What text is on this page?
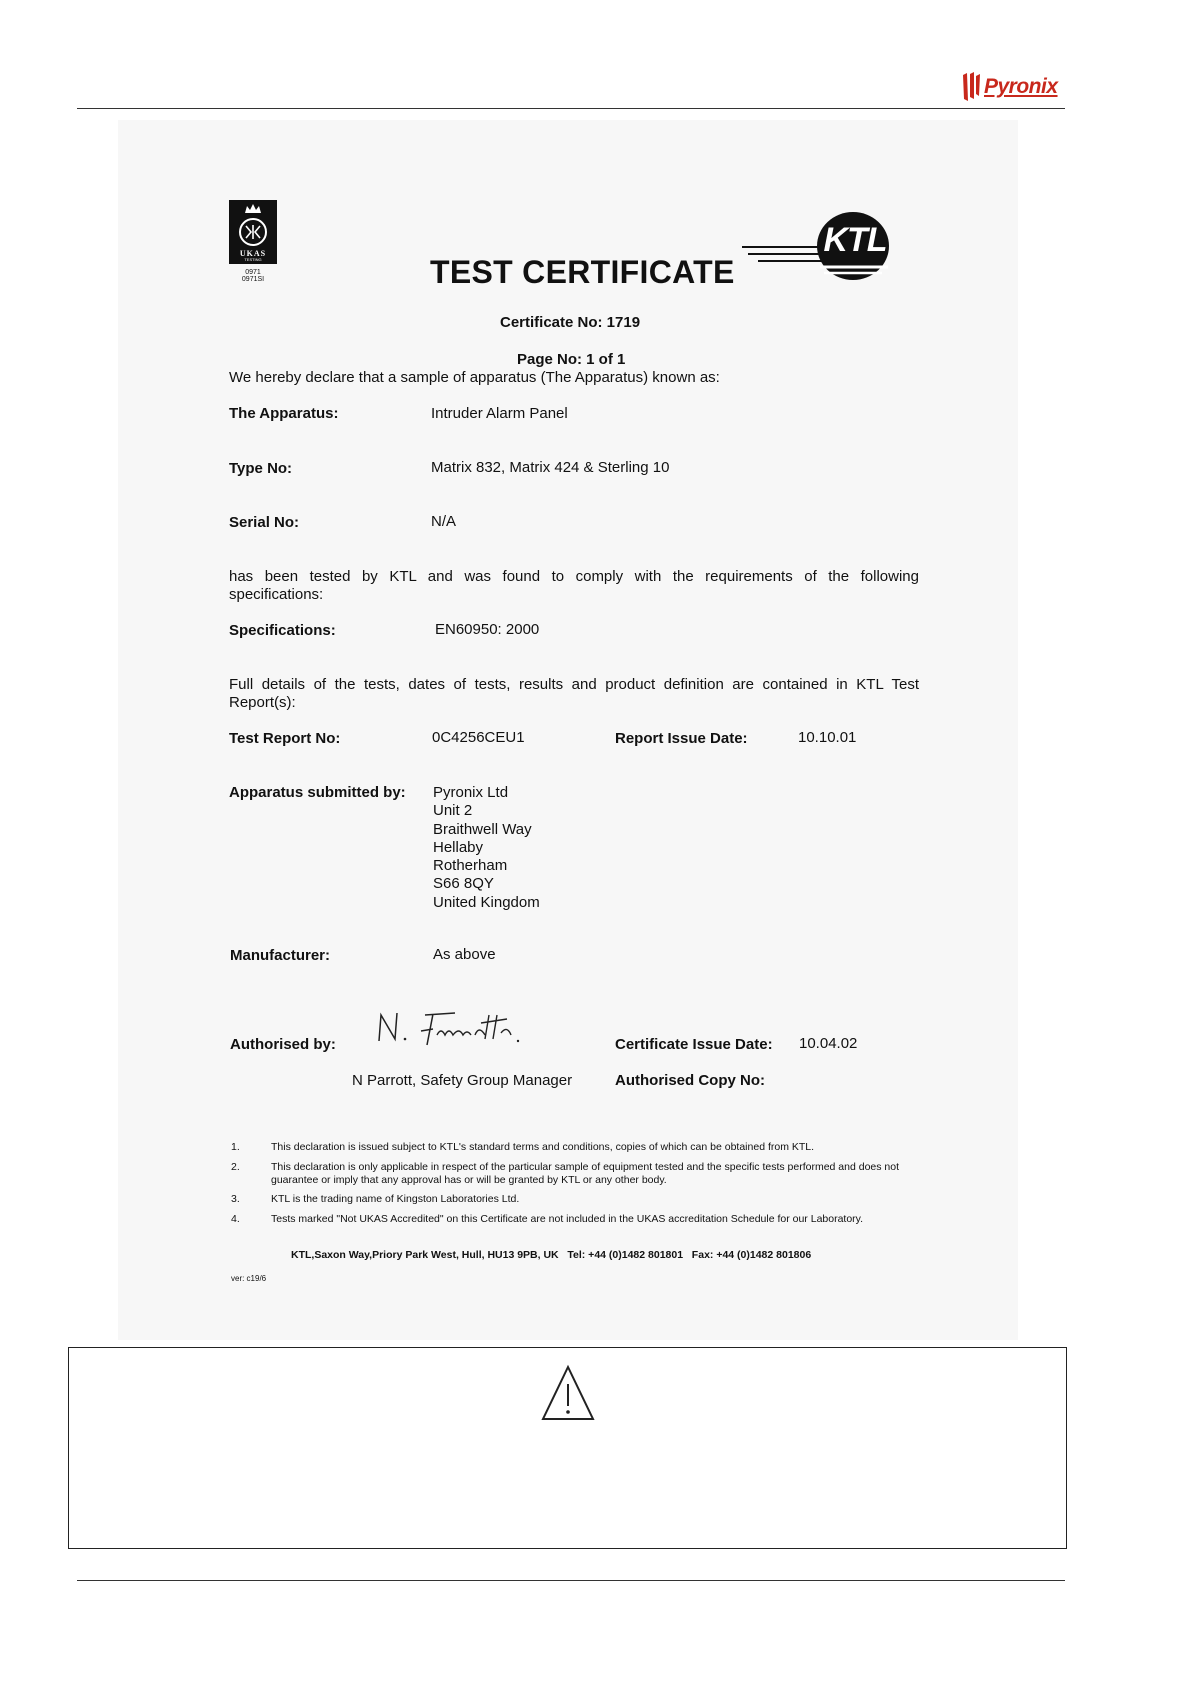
Pyronix
UKAS
TESTING
0971
0971SI	TEST CERTIFICATE
KTL
Certificate No: 1719
Page No: 1 of 1
We hereby declare that a sample of apparatus (The Apparatus) known as:
The Apparatus:	Intruder Alarm Panel
Type No:	Matrix 832, Matrix 424 & Sterling 10
Serial No:	N/A
has been tested by KTL and was found to comply with the requirements of the following
specifications:
Specifications:	EN60950: 2000
Full details of the tests, dates of tests, results and product definition are contained in KTL Test
Report(s):
Test Report No:	0C4256CEU1	Report Issue Date:	10.10.01
Apparatus submitted by: Pyronix Ltd
Unit 2
Braithwell Way
Hellaby
Rotherham
S66 8QY
United Kingdom
Manufacturer:	As above
Authorised by:	Certificate Issue Date: 10.04.02
N Parrott, Safety Group Manager	Authorised Copy No:
1.	This declaration is issued subject to KTL's standard terms and conditions, copies of which can be obtained from KTL.
2.	This declaration is only applicable in respect of the particular sample of equipment tested and the specific tests performed and does not guarantee or imply that any approval has or will be granted by KTL or any other body.
3.	KTL is the trading name of Kingston Laboratories Ltd.
4.	Tests marked "Not UKAS Accredited" on this Certificate are not included in the UKAS accreditation Schedule for our Laboratory.
KTL,Saxon Way,Priory Park West, Hull, HU13 9PB, UK   Tel: +44 (0)1482 801801   Fax: +44 (0)1482 801806
ver: c19/6
